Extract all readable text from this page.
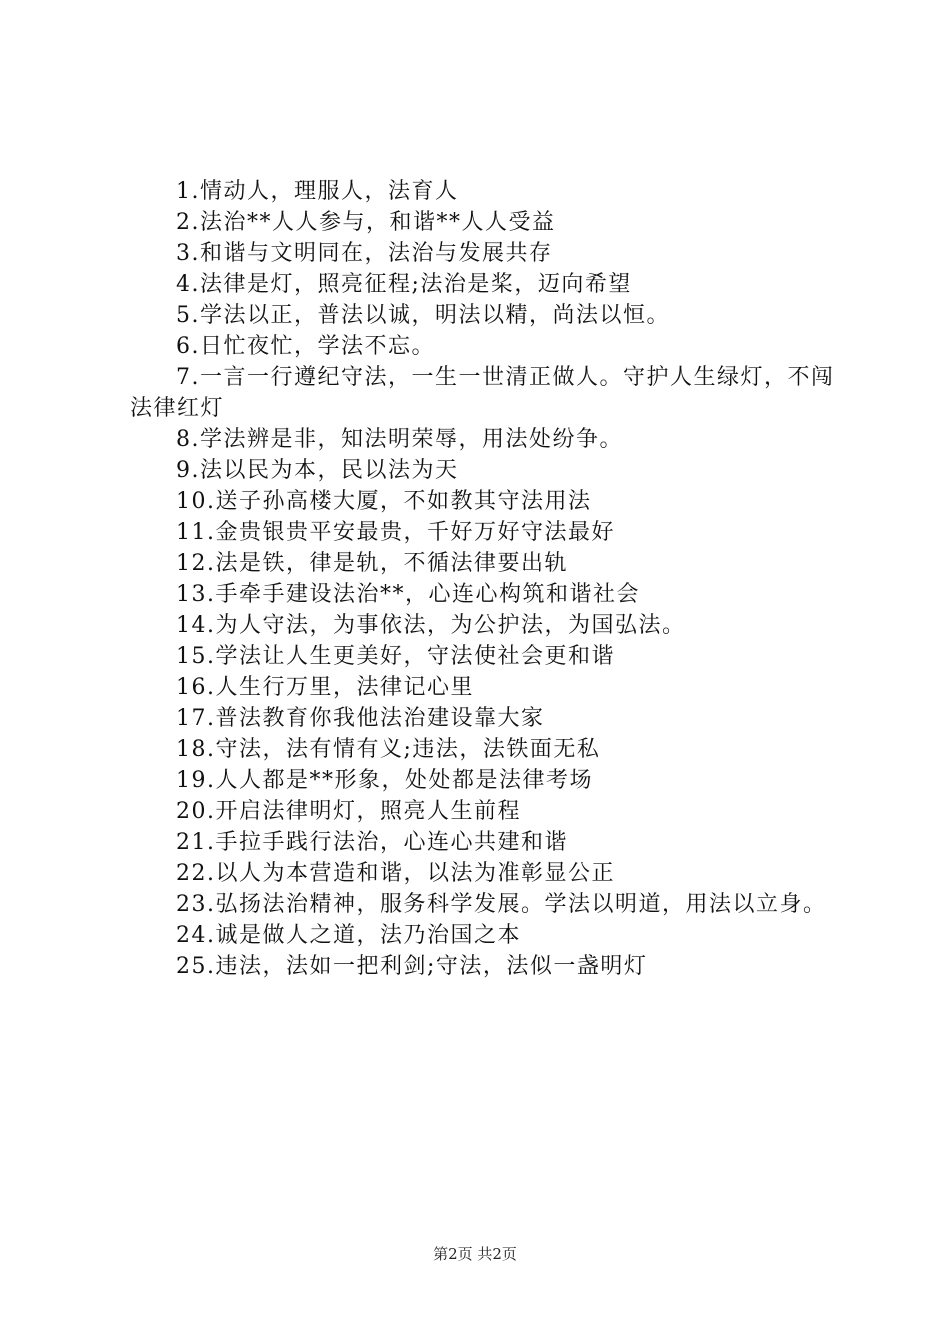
1.情动人，理服人，法育人
2.法治**人人参与，和谐**人人受益
3.和谐与文明同在，法治与发展共存
4.法律是灯，照亮征程;法治是桨，迈向希望
5.学法以正，普法以诚，明法以精，尚法以恒。
6.日忙夜忙，学法不忘。
7.一言一行遵纪守法，一生一世清正做人。守护人生绿灯，不闯法律红灯
8.学法辨是非，知法明荣辱，用法处纷争。
9.法以民为本，民以法为天
10.送子孙高楼大厦，不如教其守法用法
11.金贵银贵平安最贵，千好万好守法最好
12.法是铁，律是轨，不循法律要出轨
13.手牵手建设法治**，心连心构筑和谐社会
14.为人守法，为事依法，为公护法，为国弘法。
15.学法让人生更美好，守法使社会更和谐
16.人生行万里，法律记心里
17.普法教育你我他法治建设靠大家
18.守法，法有情有义;违法，法铁面无私
19.人人都是**形象，处处都是法律考场
20.开启法律明灯，照亮人生前程
21.手拉手践行法治，心连心共建和谐
22.以人为本营造和谐，以法为准彰显公正
23.弘扬法治精神，服务科学发展。学法以明道，用法以立身。
24.诚是做人之道，法乃治国之本
25.违法，法如一把利剑;守法，法似一盏明灯
第2页 共2页
